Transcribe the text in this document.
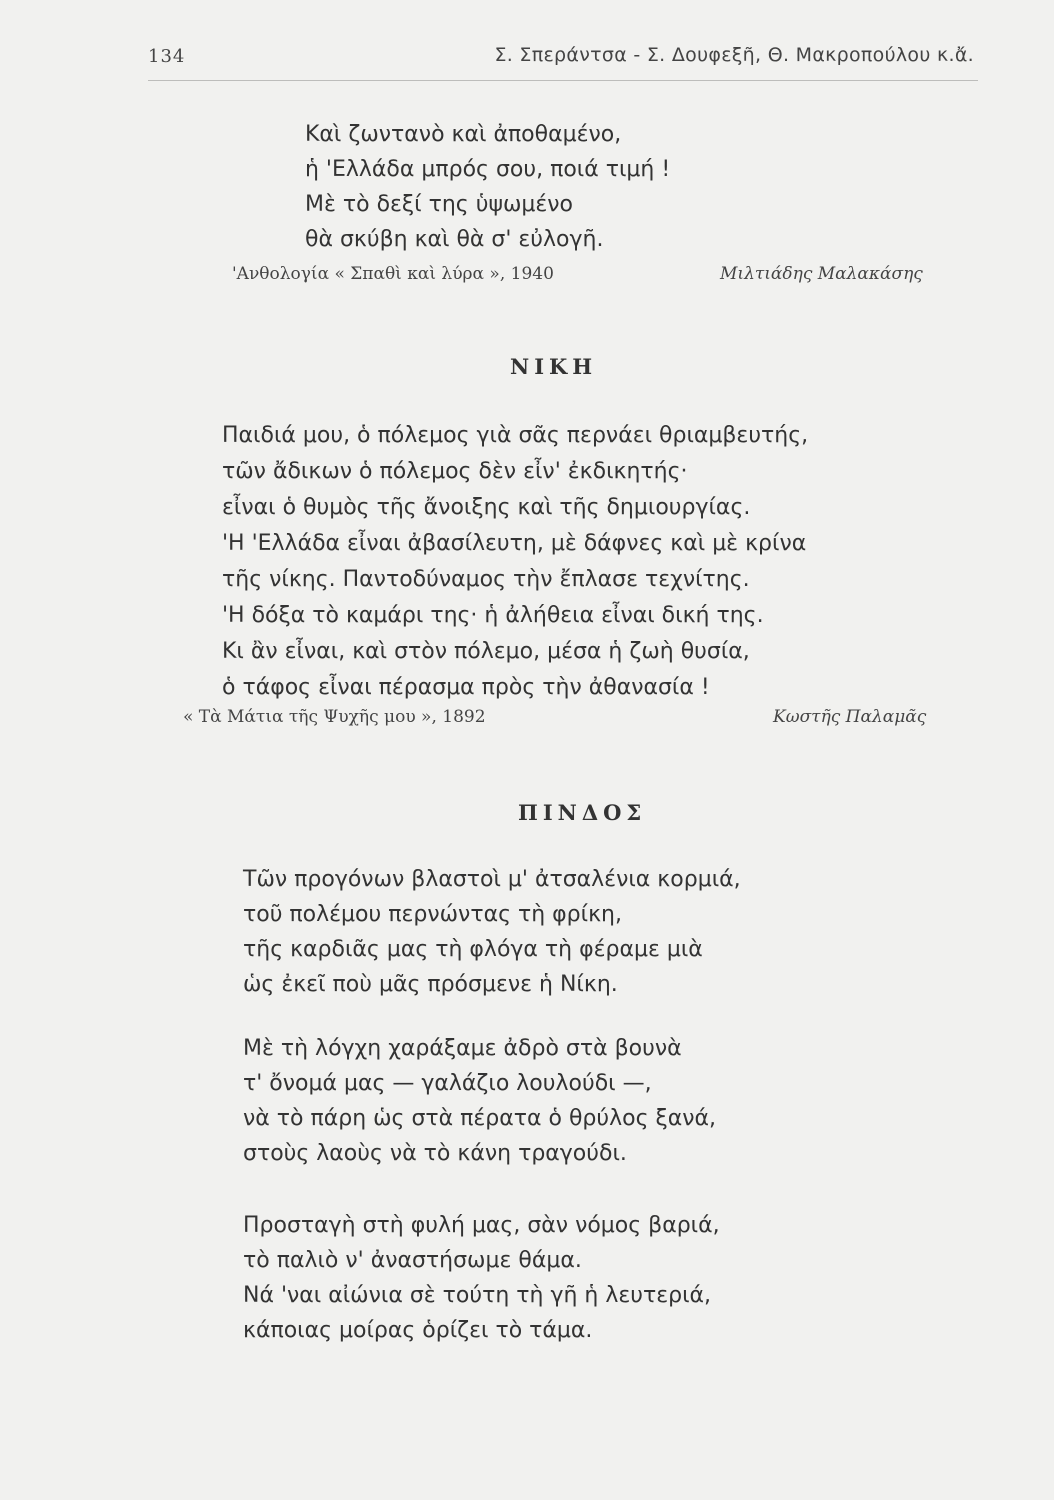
134	Σ. Σπεράντσα - Σ. Δουφεξῆ, Θ. Μακροπούλου κ.ἄ.
Καὶ ζωντανὸ καὶ ἀποθαμένο,
ἡ 'Ελλάδα μπρός σου, ποιά τιμή !
Μὲ τὸ δεξί της ὑψωμένο
θὰ σκύβη καὶ θὰ σ' εὐλογῆ.
'Ανθολογία « Σπαθὶ καὶ λύρα », 1940	Μιλτιάδης Μαλακάσης
ΝΙΚΗ
Παιδιά μου, ὁ πόλεμος γιὰ σᾶς περνάει θριαμβευτής,
τῶν ἄδικων ὁ πόλεμος δὲν εἶν' ἐκδικητής·
εἶναι ὁ θυμὸς τῆς ἄνοιξης καὶ τῆς δημιουργίας.
'Η 'Ελλάδα εἶναι ἀβασίλευτη, μὲ δάφνες καὶ μὲ κρίνα
τῆς νίκης. Παντοδύναμος τὴν ἔπλασε τεχνίτης.
'Η δόξα τὸ καμάρι της· ἡ ἀλήθεια εἶναι δική της.
Κι ἂν εἶναι, καὶ στὸν πόλεμο, μέσα ἡ ζωὴ θυσία,
ὁ τάφος εἶναι πέρασμα πρὸς τὴν ἀθανασία !
« Τὰ Μάτια τῆς Ψυχῆς μου », 1892	Κωστῆς Παλαμᾶς
ΠΙΝΔΟΣ
Τῶν προγόνων βλαστοὶ μ' ἀτσαλένια κορμιά,
τοῦ πολέμου περνώντας τὴ φρίκη,
τῆς καρδιᾶς μας τὴ φλόγα τὴ φέραμε μιὰ
ὡς ἐκεῖ ποὺ μᾶς πρόσμενε ἡ Νίκη.
Μὲ τὴ λόγχη χαράξαμε ἀδρὸ στὰ βουνὰ
τ' ὄνομά μας — γαλάζιο λουλούδι —,
νὰ τὸ πάρη ὡς στὰ πέρατα ὁ θρύλος ξανά,
στοὺς λαοὺς νὰ τὸ κάνη τραγούδι.
Προσταγὴ στὴ φυλή μας, σὰν νόμος βαριά,
τὸ παλιὸ ν' ἀναστήσωμε θάμα.
Νά 'ναι αἰώνια σὲ τούτη τὴ γῆ ἡ λευτεριά,
κάποιας μοίρας ὁρίζει τὸ τάμα.
